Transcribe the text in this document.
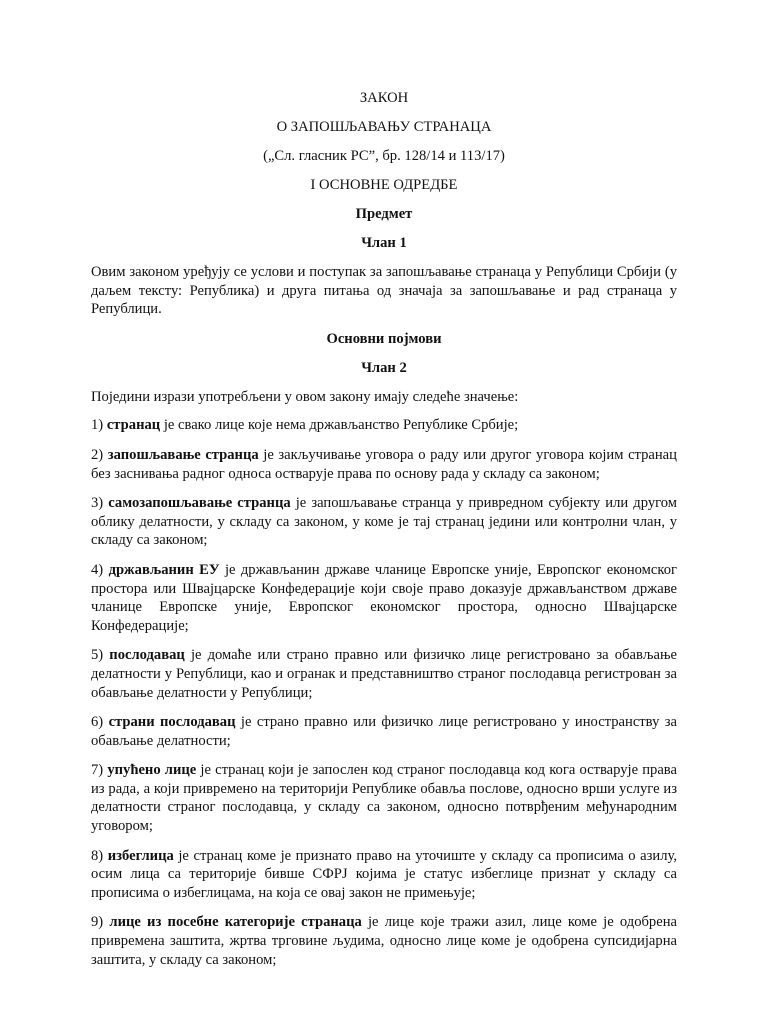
ЗАКОН
О ЗАПОШЉАВАЊУ СТРАНАЦА
(„Сл. гласник РС”, бр. 128/14 и 113/17)
I ОСНОВНЕ ОДРЕДБЕ
Предмет
Члан 1

Овим законом уређују се услови и поступак за запошљавање странаца у Републици Србији (у даљем тексту: Република) и друга питања од значаја за запошљавање и рад странаца у Републици.

Основни појмови
Члан 2

Поједини изрази употребљени у овом закону имају следеће значење:

1) странац је свако лице које нема држављанство Републике Србије;

2) запошљавање странца је закључивање уговора о раду или другог уговора којим странац без заснивања радног односа остварује права по основу рада у складу са законом;

3) самозапошљавање странца је запошљавање странца у привредном субјекту или другом облику делатности, у складу са законом, у коме је тај странац једини или контролни члан, у складу са законом;

4) држављанин ЕУ је држављанин државе чланице Европске уније, Европског економског простора или Швајцарске Конфедерације који своје право доказује држављанством државе чланице Европске уније, Европског економског простора, односно Швајцарске Конфедерације;

5) послодавац је домаће или страно правно или физичко лице регистровано за обављање делатности у Републици, као и огранак и представништво страног послодавца регистрован за обављање делатности у Републици;

6) страни послодавац је страно правно или физичко лице регистровано у иностранству за обављање делатности;

7) упућено лице је странац који је запослен код страног послодавца код кога остварује права из рада, а који привремено на територији Републике обавља послове, односно врши услуге из делатности страног послодавца, у складу са законом, односно потврђеним међународним уговором;

8) избеглица је странац коме је признато право на уточиште у складу са прописима о азилу, осим лица са територије бивше СФРЈ којима је статус избеглице признат у складу са прописима о избеглицама, на која се овај закон не примењује;

9) лице из посебне категорије странаца је лице које тражи азил, лице коме је одобрена привремена заштита, жртва трговине људима, односно лице коме је одобрена супсидијарна заштита, у складу са законом;
